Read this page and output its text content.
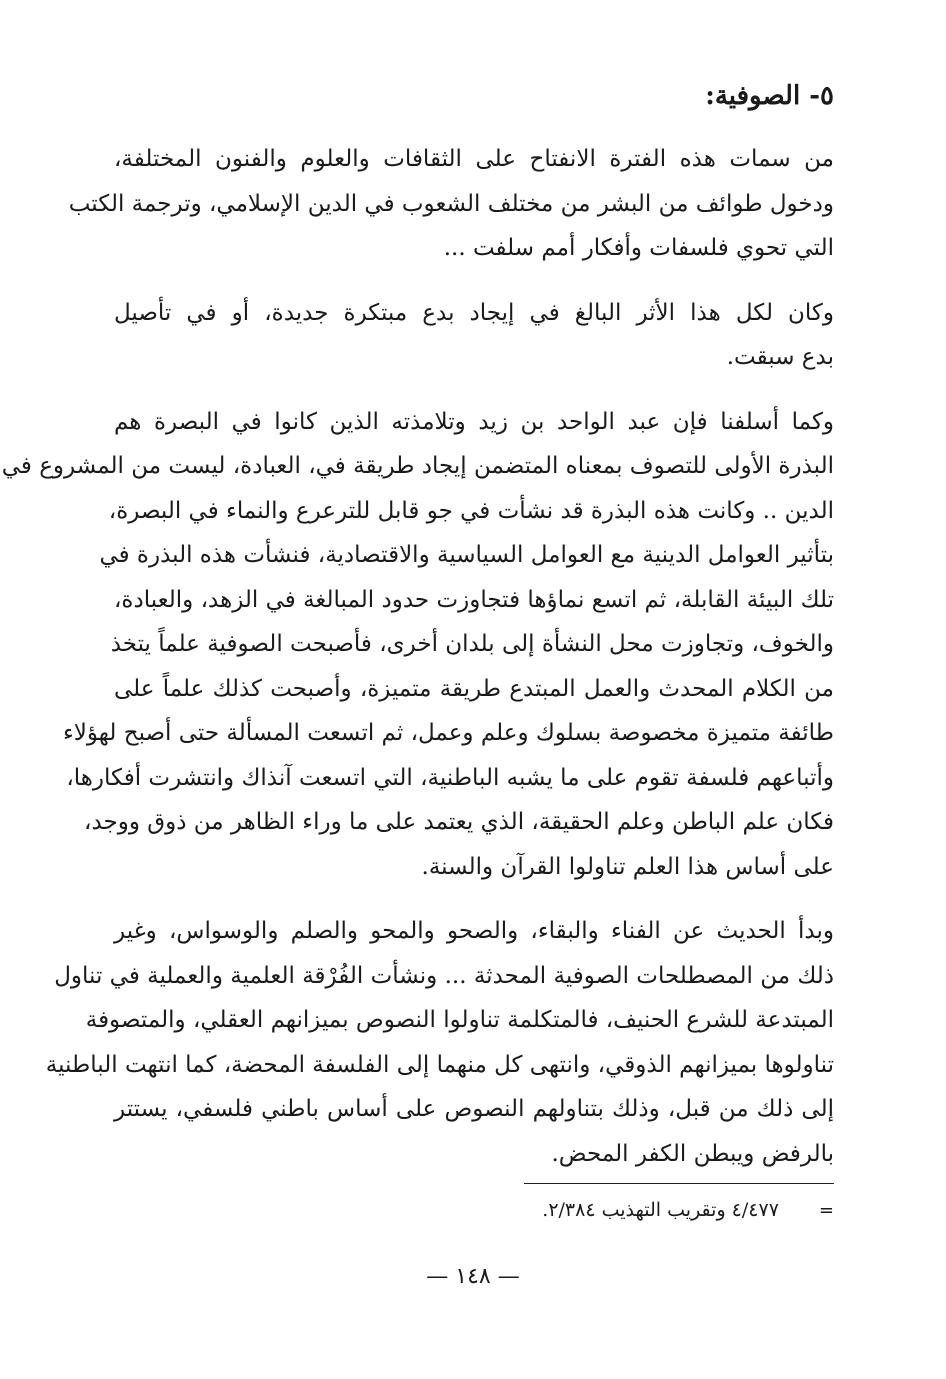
٥- الصوفية:

من سمات هذه الفترة الانفتاح على الثقافات والعلوم والفنون المختلفة،
ودخول طوائف من البشر من مختلف الشعوب في الدين الإسلامي، وترجمة الكتب
التي تحوي فلسفات وأفكار أمم سلفت ...

وكان لكل هذا الأثر البالغ في إيجاد بدع مبتكرة جديدة، أو في تأصيل
بدع سبقت.

وكما أسلفنا فإن عبد الواحد بن زيد وتلامذته الذين كانوا في البصرة هم
البذرة الأولى للتصوف بمعناه المتضمن إيجاد طريقة في، العبادة، ليست من المشروع في
الدين .. وكانت هذه البذرة قد نشأت في جو قابل للترعرع والنماء في البصرة،
بتأثير العوامل الدينية مع العوامل السياسية والاقتصادية، فنشأت هذه البذرة في
تلك البيئة القابلة، ثم اتسع نماؤها فتجاوزت حدود المبالغة في الزهد، والعبادة،
والخوف، وتجاوزت محل النشأة إلى بلدان أخرى، فأصبحت الصوفية علماً يتخذ
من الكلام المحدث والعمل المبتدع طريقة متميزة، وأصبحت كذلك علماً على
طائفة متميزة مخصوصة بسلوك وعلم وعمل، ثم اتسعت المسألة حتى أصبح لهؤلاء
وأتباعهم فلسفة تقوم على ما يشبه الباطنية، التي اتسعت آنذاك وانتشرت أفكارها،
فكان علم الباطن وعلم الحقيقة، الذي يعتمد على ما وراء الظاهر من ذوق ووجد،
على أساس هذا العلم تناولوا القرآن والسنة.

وبدأ الحديث عن الفناء والبقاء، والصحو والمحو والصلم والوسواس، وغير
ذلك من المصطلحات الصوفية المحدثة ... ونشأت الفُرْقة العلمية والعملية في تناول
المبتدعة للشرع الحنيف، فالمتكلمة تناولوا النصوص بميزانهم العقلي، والمتصوفة
تناولوها بميزانهم الذوقي، وانتهى كل منهما إلى الفلسفة المحضة، كما انتهت الباطنية
إلى ذلك من قبل، وذلك بتناولهم النصوص على أساس باطني فلسفي، يستتر
بالرفض ويبطن الكفر المحض.

=٤/٤٧٧ وتقريب التهذيب ٢/٣٨٤.
— ١٤٨ —
